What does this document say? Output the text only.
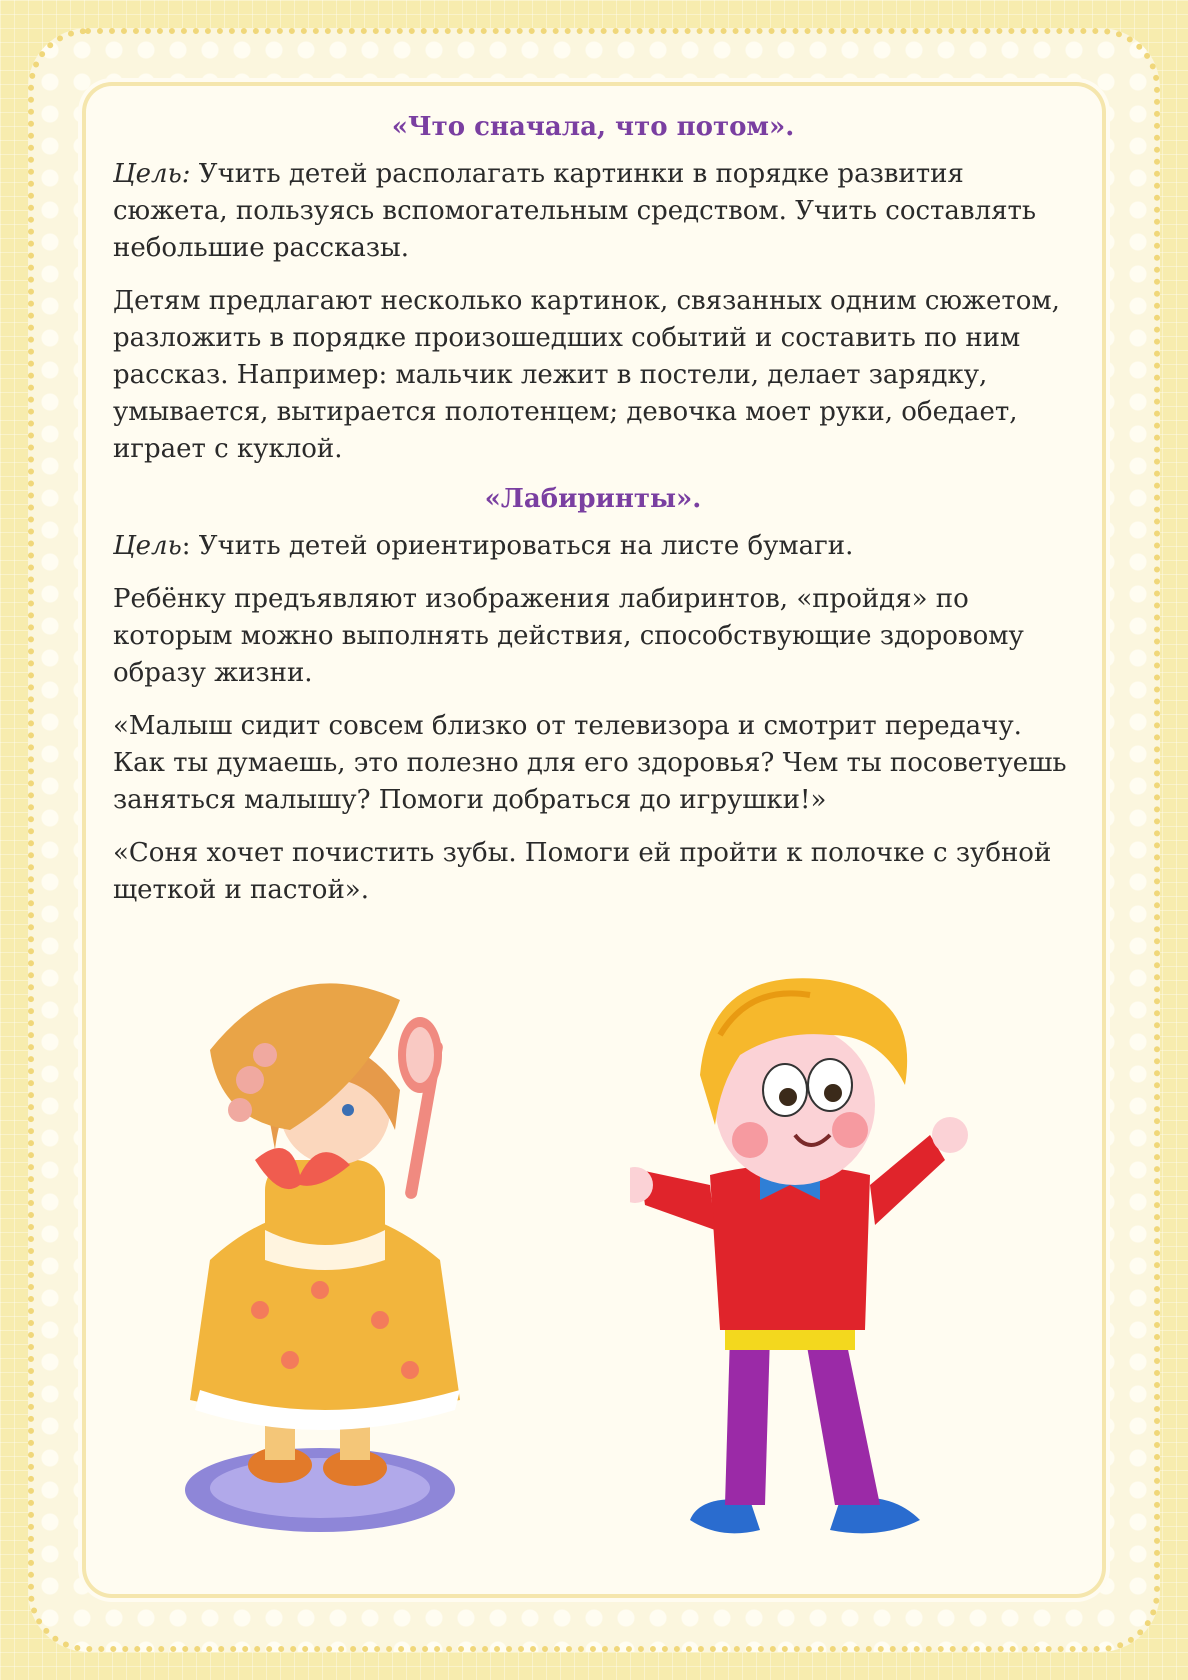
«Что сначала, что потом».

Цель: Учить детей располагать картинки в порядке развития сюжета, пользуясь вспомогательным средством. Учить составлять небольшие рассказы.

Детям предлагают несколько картинок, связанных одним сюжетом, разложить в порядке произошедших событий и составить по ним рассказ. Например: мальчик лежит в постели, делает зарядку, умывается, вытирается полотенцем; девочка моет руки, обедает, играет с куклой.

«Лабиринты».

Цель: Учить детей ориентироваться на листе бумаги.

Ребёнку предъявляют изображения лабиринтов, «пройдя» по которым можно выполнять действия, способствующие здоровому образу жизни.

«Малыш сидит совсем близко от телевизора и смотрит передачу. Как ты думаешь, это полезно для его здоровья? Чем ты посоветуешь заняться малышу? Помоги добраться до игрушки!»

«Соня хочет почистить зубы. Помоги ей пройти к полочке с зубной щеткой и пастой».
